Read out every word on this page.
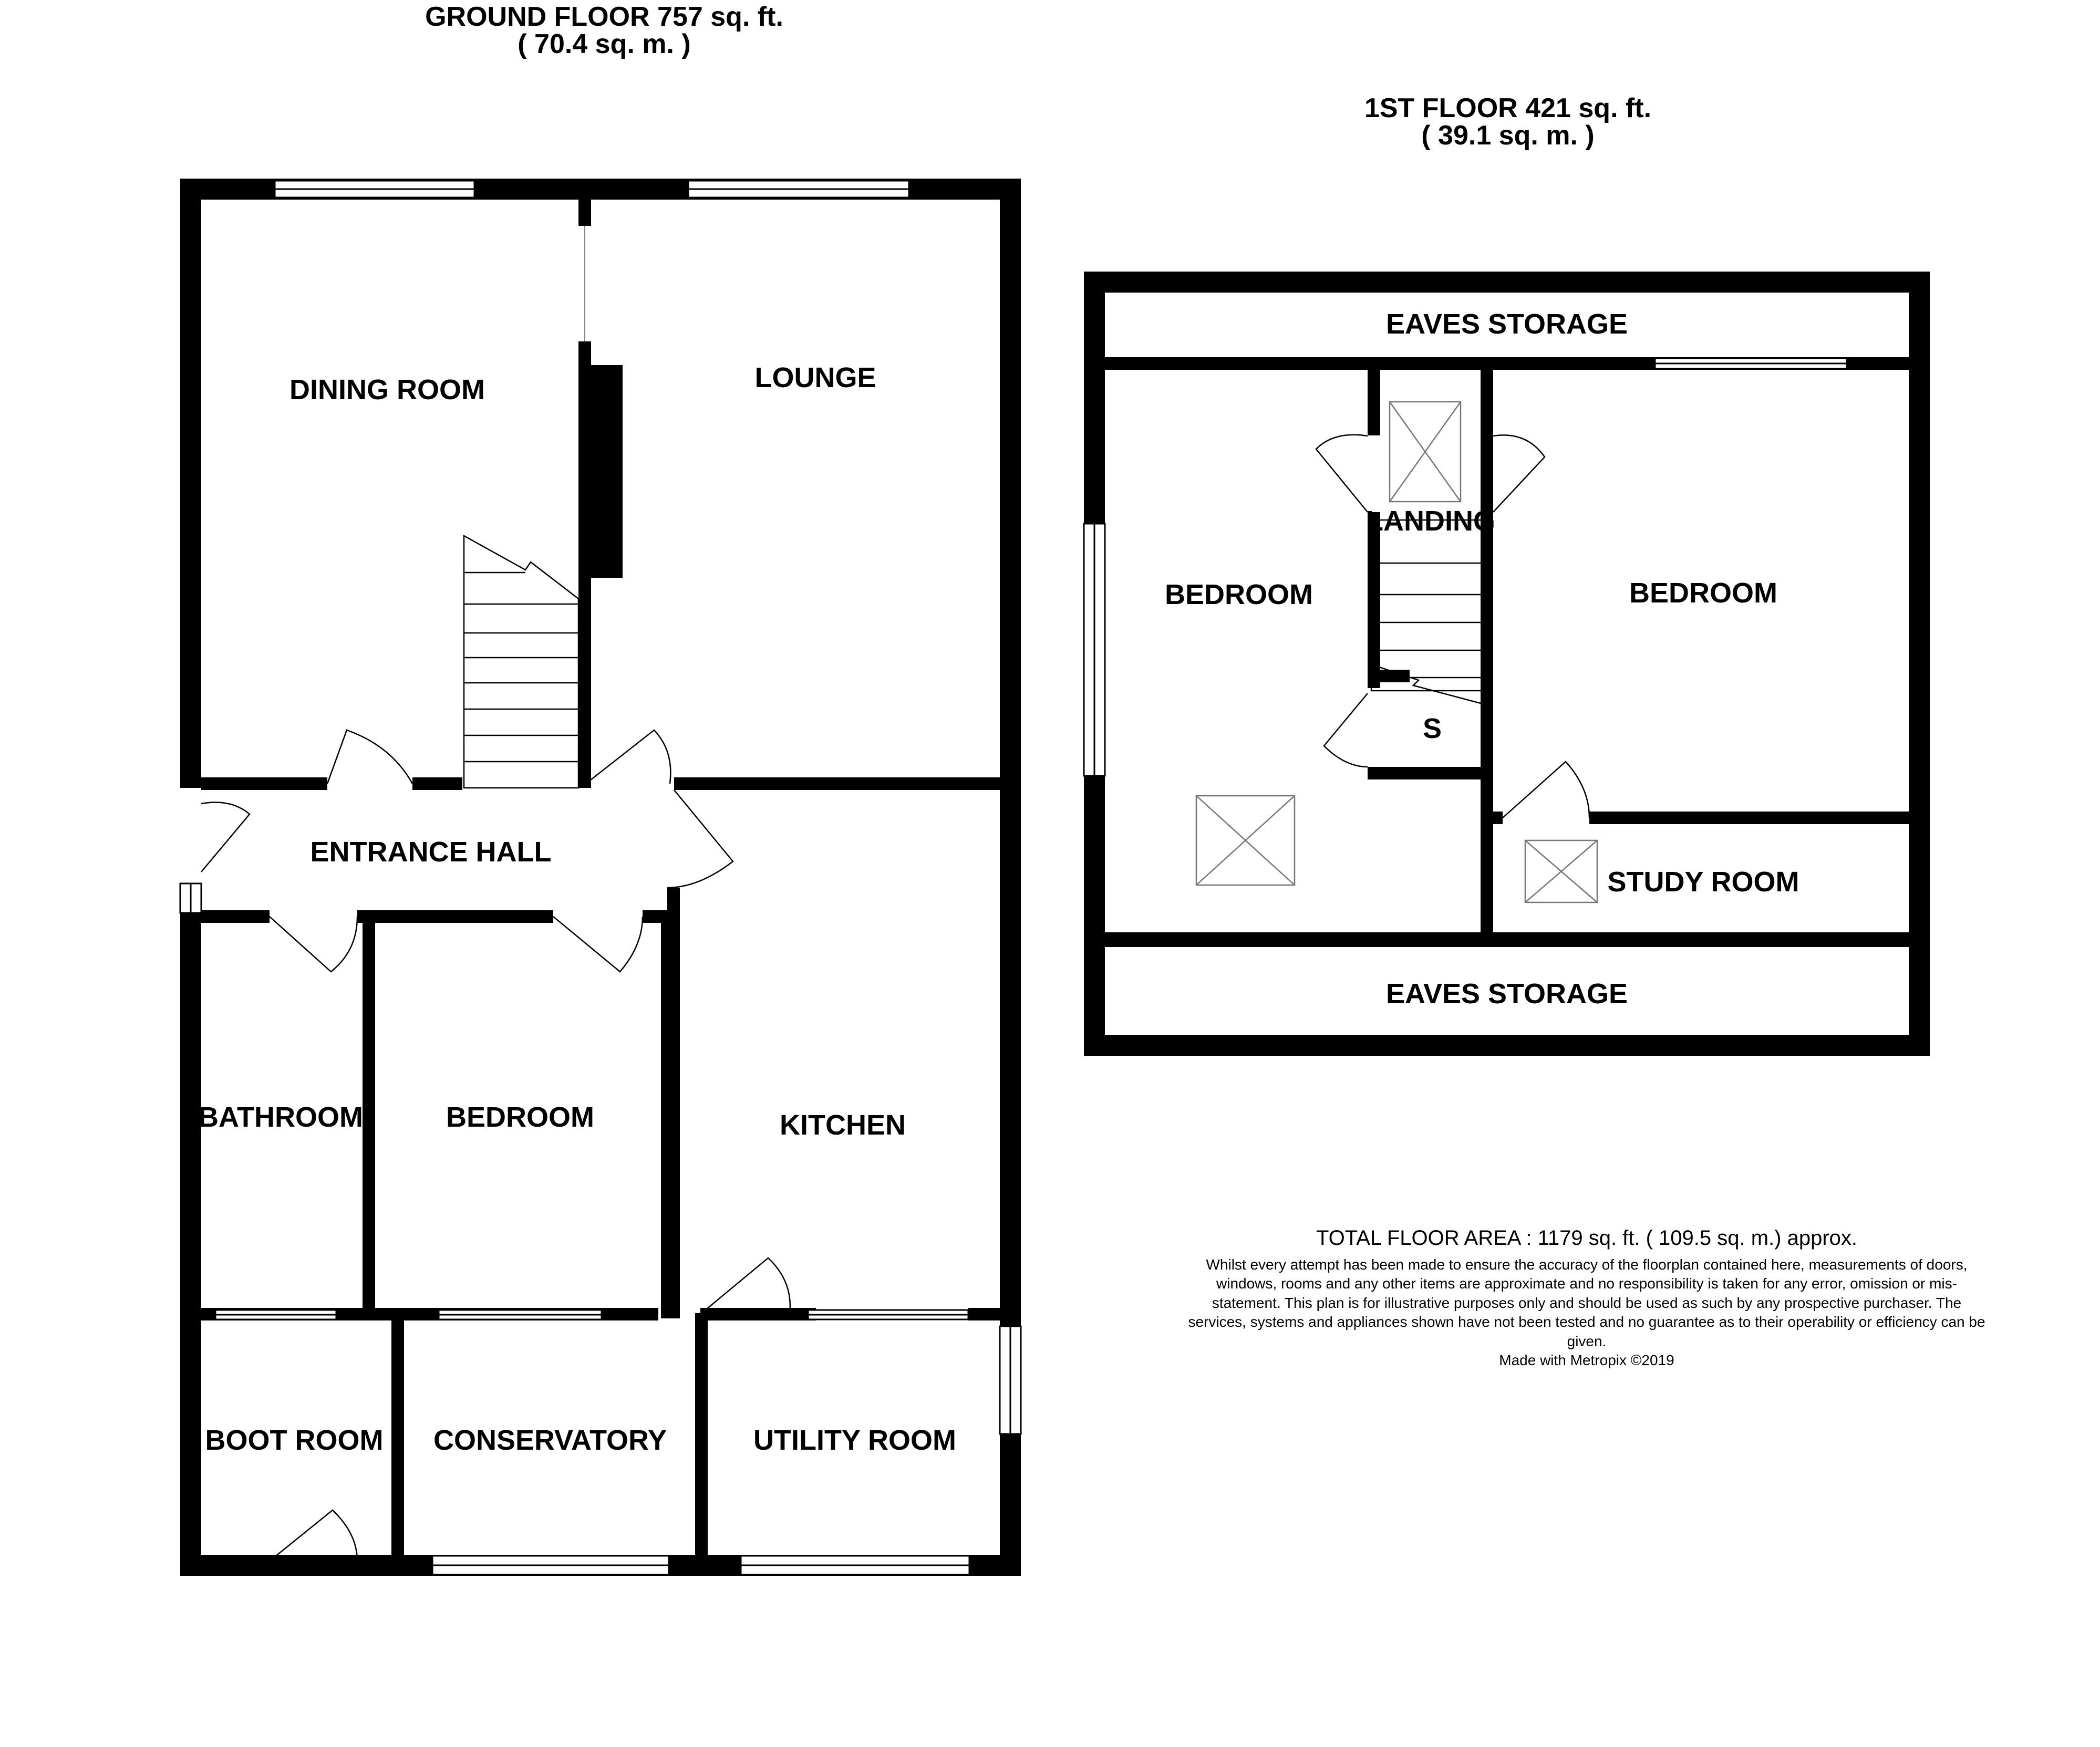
DINING ROOM	LOUNGE
ENTRANCE HALL
BATHROOM	BEDROOM	KITCHEN
BOOT ROOM CONSERVATORY	UTILITY ROOM
EAVES STORAGE
LANDING
BEDROOM	BEDROOM
S
STUDY ROOM
EAVES STORAGE
GROUND FLOOR 757 sq. ft.
( 70.4 sq. m. )
1ST FLOOR 421 sq. ft.
( 39.1 sq. m. )
TOTAL FLOOR AREA : 1179 sq. ft. ( 109.5 sq. m.) approx.
Whilst every attempt has been made to ensure the accuracy of the floorplan contained here, measurements of doors, windows, rooms and any other items are approximate and no responsibility is taken for any error, omission or mis-statement. This plan is for illustrative purposes only and should be used as such by any prospective purchaser. The services, systems and appliances shown have not been tested and no guarantee as to their operability or efficiency can be given.
Made with Metropix ©2019
